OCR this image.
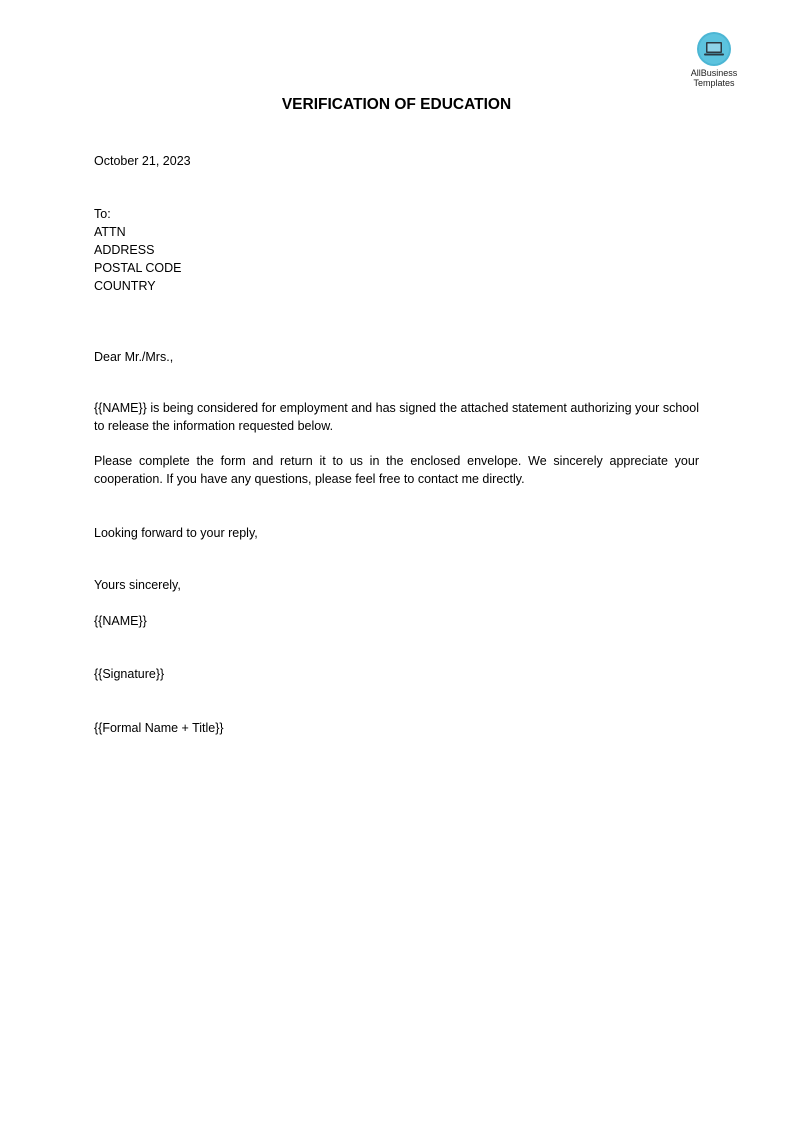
AllBusiness
Templates
VERIFICATION OF EDUCATION
October 21, 2023
To:
ATTN
ADDRESS
POSTAL CODE
COUNTRY
Dear Mr./Mrs.,
{{NAME}} is being considered for employment and has signed the attached statement authorizing your school to release the information requested below.
Please complete the form and return it to us in the enclosed envelope. We sincerely appreciate your cooperation. If you have any questions, please feel free to contact me directly.
Looking forward to your reply,
Yours sincerely,
{{NAME}}
{{Signature}}
{{Formal Name + Title}}
